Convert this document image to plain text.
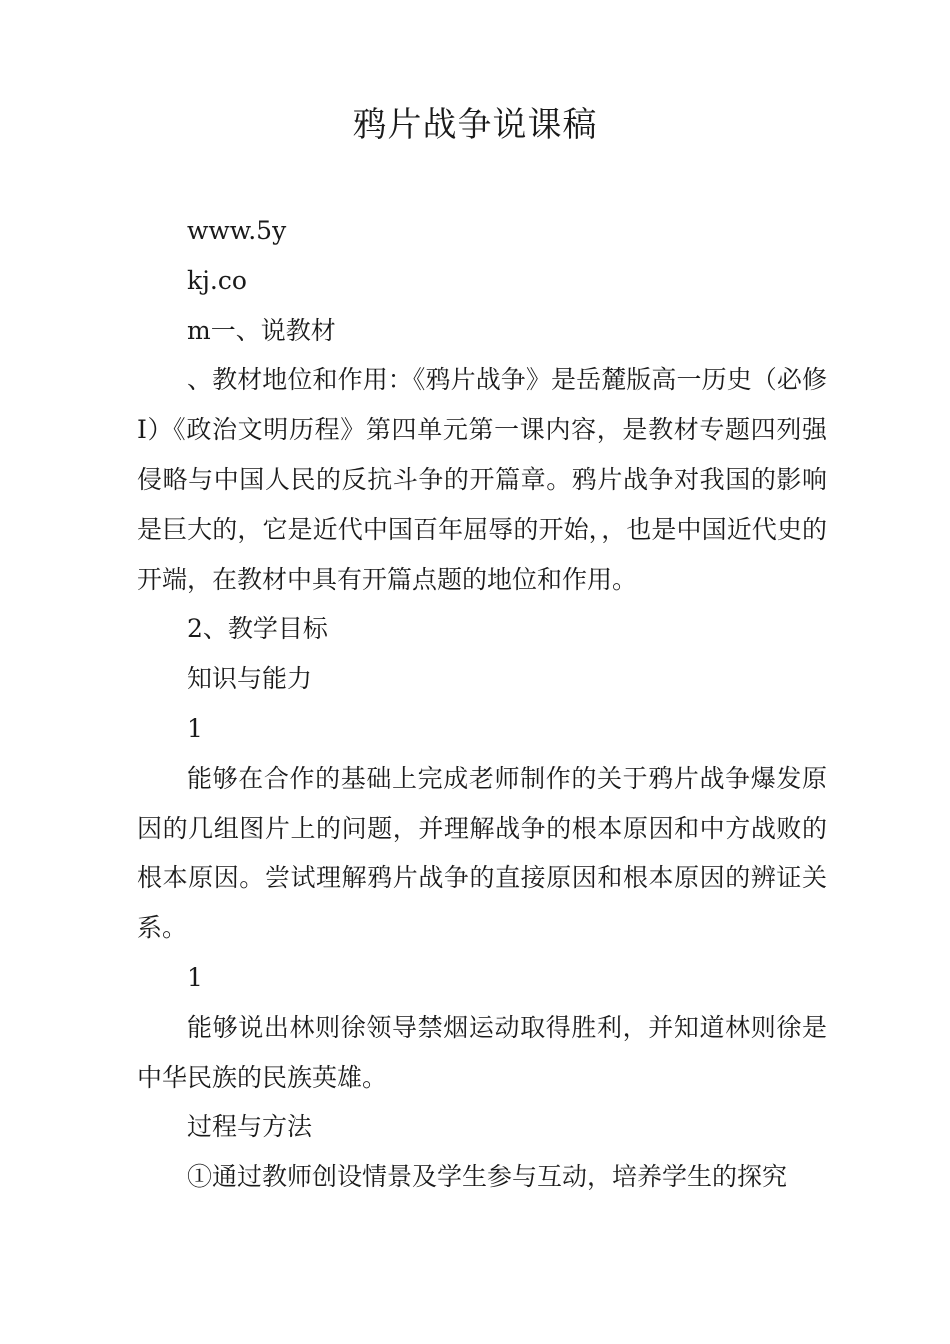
鸦片战争说课稿

www.5y

kj.co

m一、说教材

、教材地位和作用：《鸦片战争》是岳麓版高一历史（必修Ⅰ）《政治文明历程》第四单元第一课内容，是教材专题四列强侵略与中国人民的反抗斗争的开篇章。鸦片战争对我国的影响是巨大的，它是近代中国百年屈辱的开始，，也是中国近代史的开端，在教材中具有开篇点题的地位和作用。

2、教学目标

知识与能力

1

能够在合作的基础上完成老师制作的关于鸦片战争爆发原因的几组图片上的问题，并理解战争的根本原因和中方战败的根本原因。尝试理解鸦片战争的直接原因和根本原因的辨证关系。

1

能够说出林则徐领导禁烟运动取得胜利，并知道林则徐是中华民族的民族英雄。

过程与方法

①通过教师创设情景及学生参与互动，培养学生的探究
